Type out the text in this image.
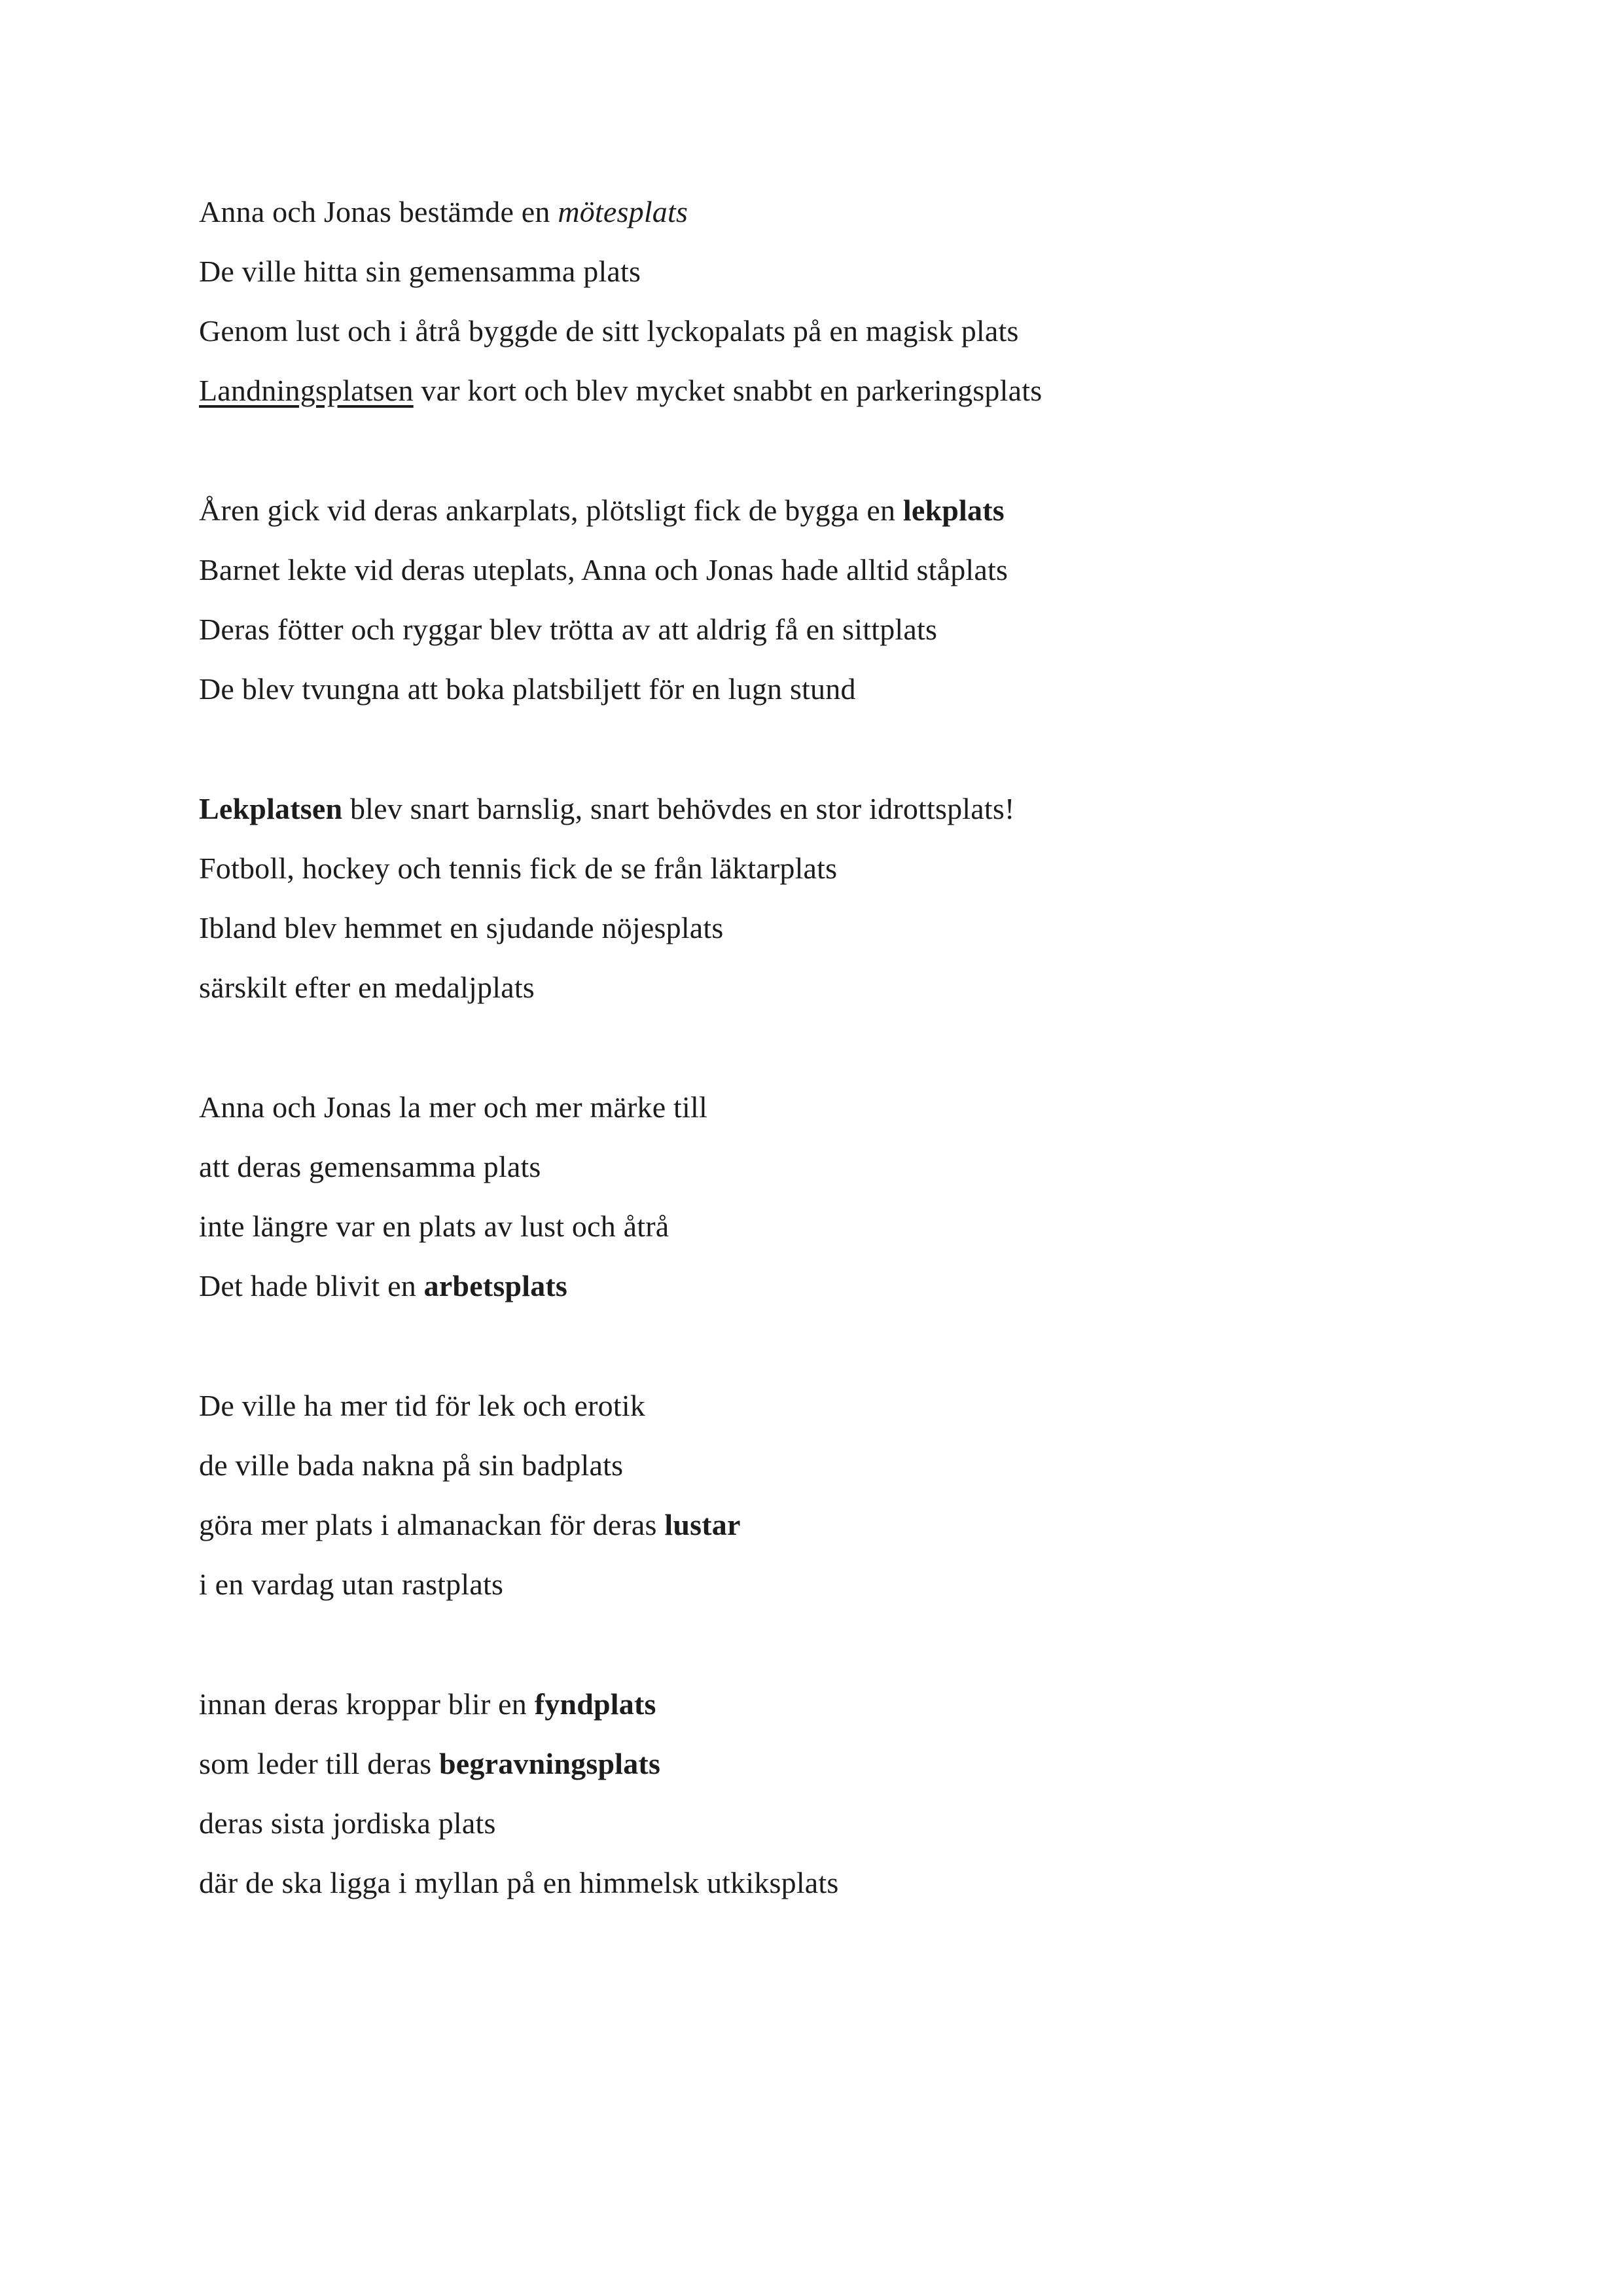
Anna och Jonas bestämde en mötesplats

De ville hitta sin gemensamma plats

Genom lust och i åtrå byggde de sitt lyckopalats på en magisk plats

Landningsplatsen var kort och blev mycket snabbt en parkeringsplats

Åren gick vid deras ankarplats, plötsligt fick de bygga en lekplats

Barnet lekte vid deras uteplats, Anna och Jonas hade alltid ståplats

Deras fötter och ryggar blev trötta av att aldrig få en sittplats

De blev tvungna att boka platsbiljett för en lugn stund

Lekplatsen blev snart barnslig, snart behövdes en stor idrottsplats!

Fotboll, hockey och tennis fick de se från läktarplats

Ibland blev hemmet en sjudande nöjesplats

särskilt efter en medaljplats

Anna och Jonas la mer och mer märke till

att deras gemensamma plats

inte längre var en plats av lust och åtrå

Det hade blivit en arbetsplats

De ville ha mer tid för lek och erotik

de ville bada nakna på sin badplats

göra mer plats i almanackan för deras lustar

i en vardag utan rastplats

innan deras kroppar blir en fyndplats

som leder till deras begravningsplats

deras sista jordiska plats

där de ska ligga i myllan på en himmelsk utkiksplats
